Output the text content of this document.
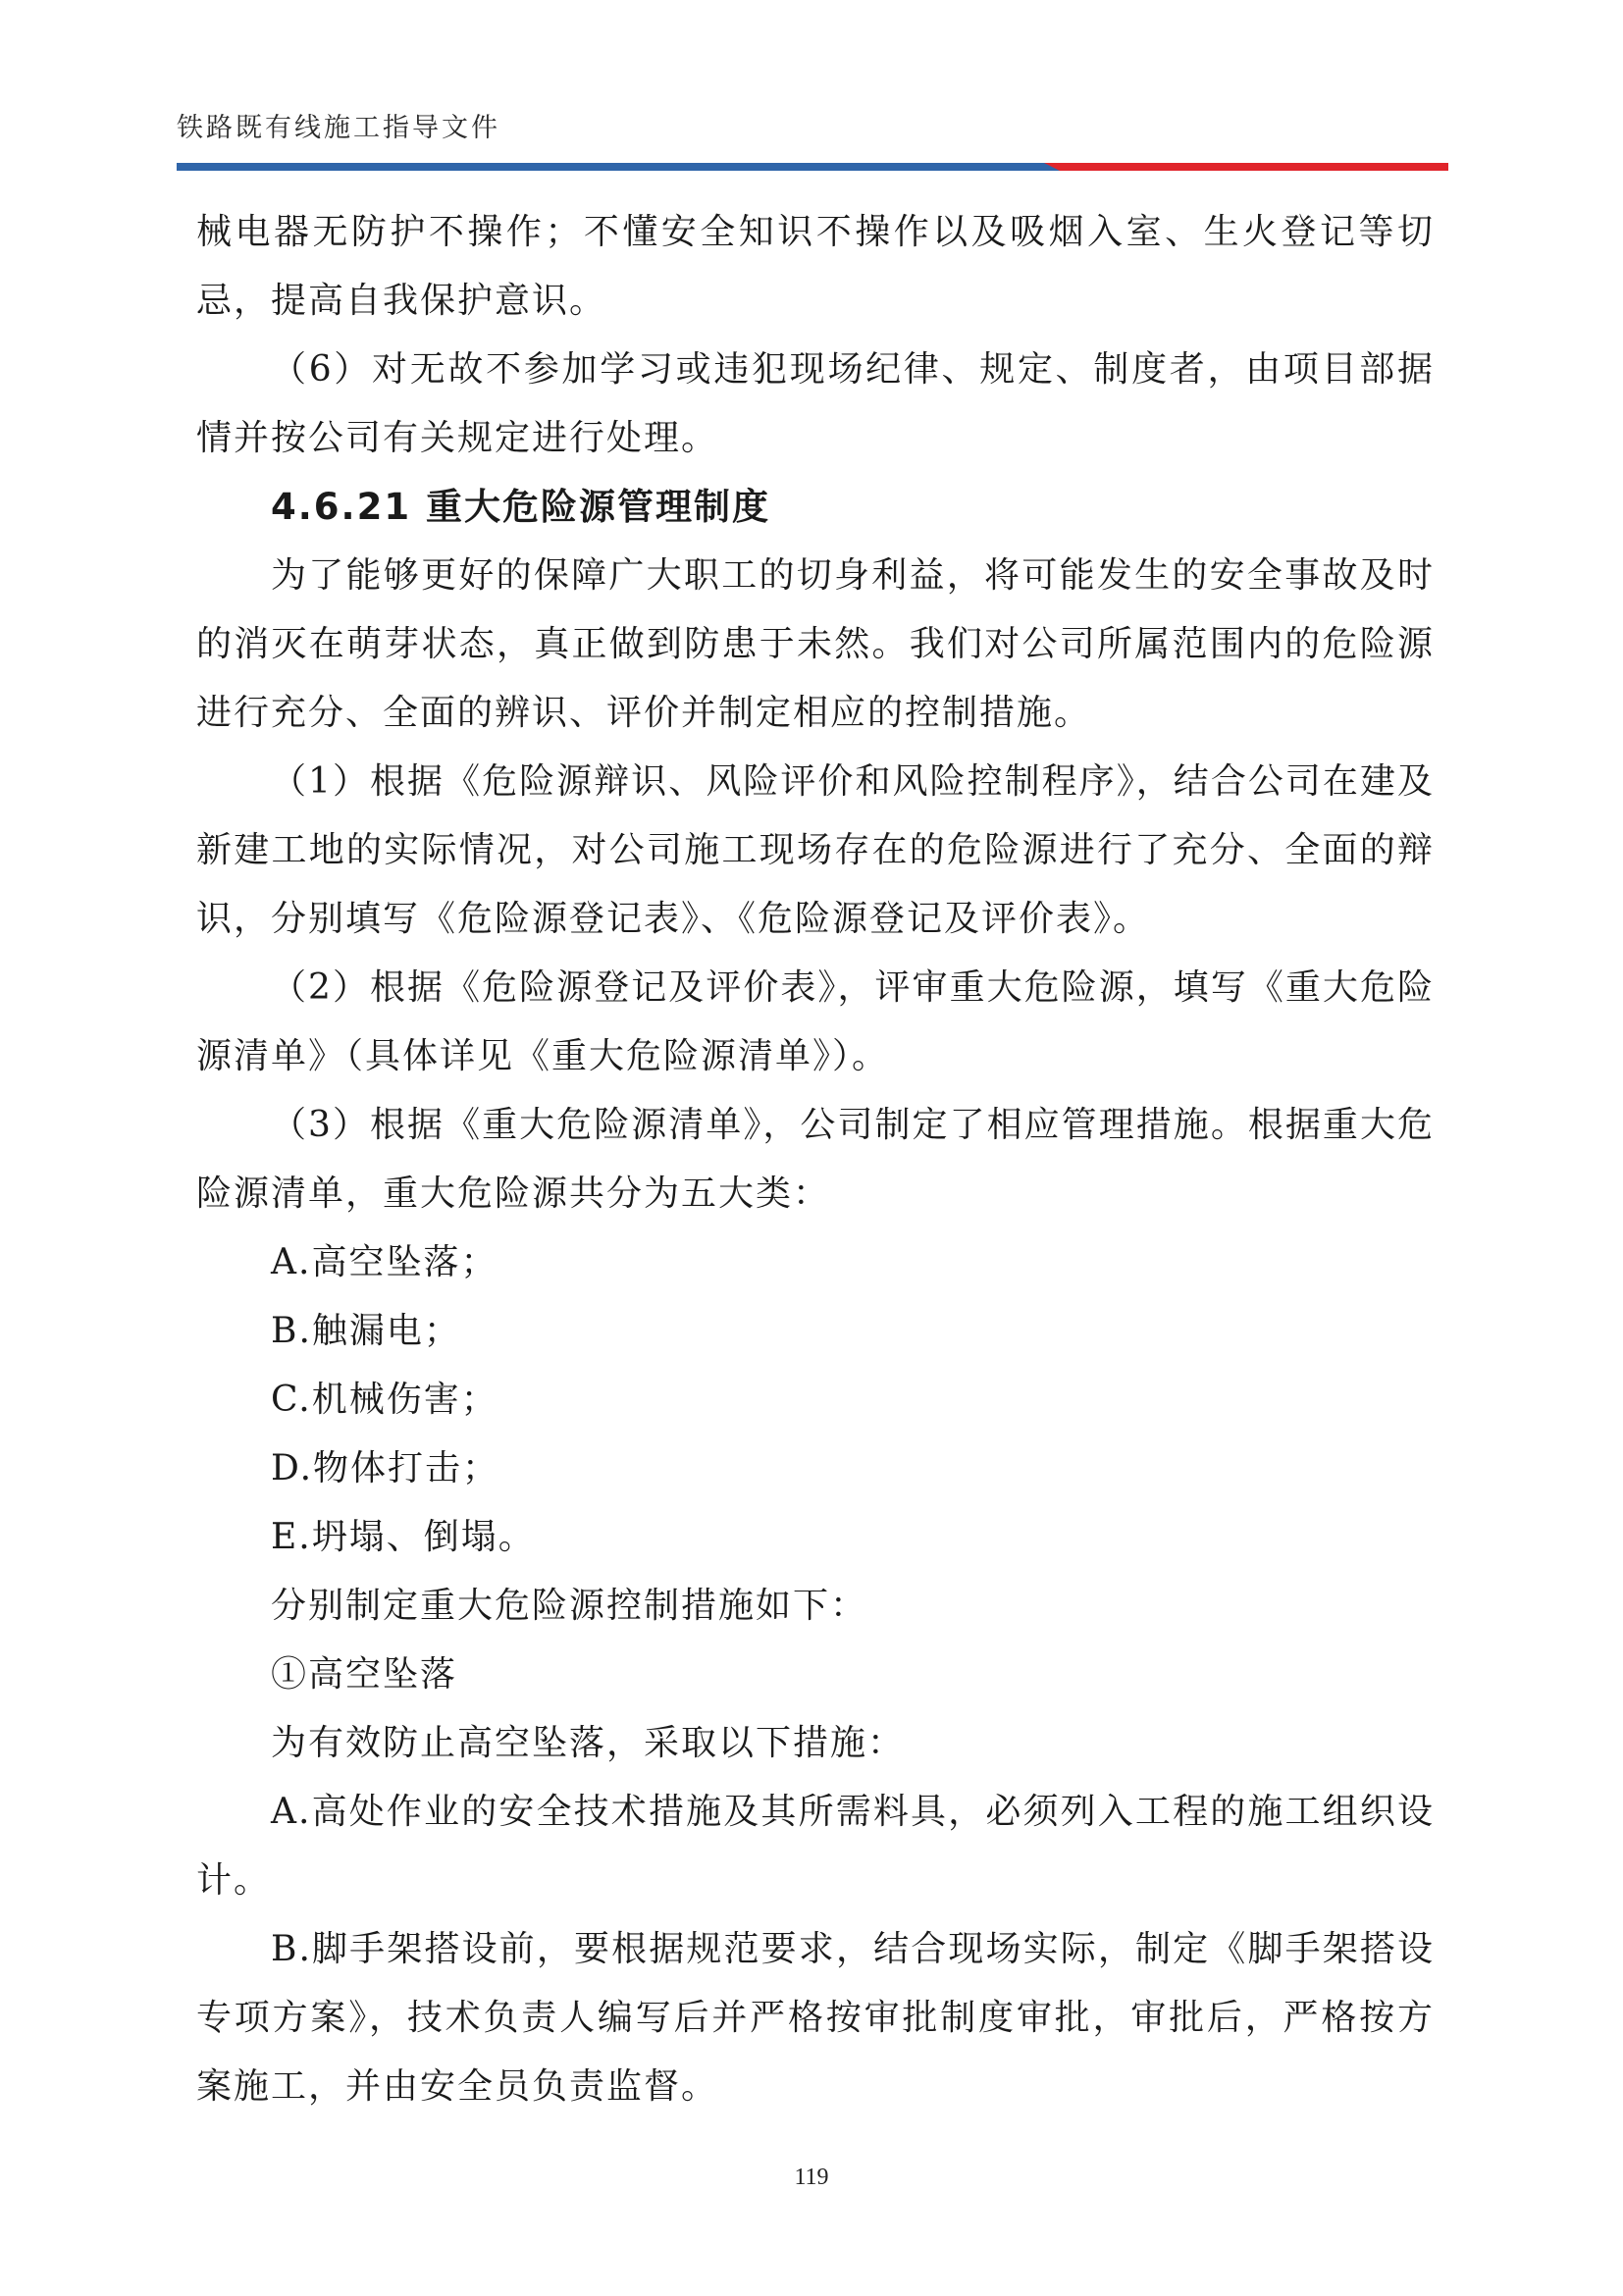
铁路既有线施工指导文件

械电器无防护不操作；不懂安全知识不操作以及吸烟入室、生火登记等切忌，提高自我保护意识。

（6）对无故不参加学习或违犯现场纪律、规定、制度者，由项目部据情并按公司有关规定进行处理。

4.6.21 重大危险源管理制度

为了能够更好的保障广大职工的切身利益，将可能发生的安全事故及时的消灭在萌芽状态，真正做到防患于未然。我们对公司所属范围内的危险源进行充分、全面的辨识、评价并制定相应的控制措施。

（1）根据《危险源辩识、风险评价和风险控制程序》，结合公司在建及新建工地的实际情况，对公司施工现场存在的危险源进行了充分、全面的辩识，分别填写《危险源登记表》、《危险源登记及评价表》。

（2）根据《危险源登记及评价表》，评审重大危险源，填写《重大危险源清单》（具体详见《重大危险源清单》）。

（3）根据《重大危险源清单》，公司制定了相应管理措施。根据重大危险源清单，重大危险源共分为五大类：

A.高空坠落；

B.触漏电；

C.机械伤害；

D.物体打击；

E.坍塌、倒塌。

分别制定重大危险源控制措施如下：

①高空坠落

为有效防止高空坠落，采取以下措施：

A.高处作业的安全技术措施及其所需料具，必须列入工程的施工组织设计。

B.脚手架搭设前，要根据规范要求，结合现场实际，制定《脚手架搭设专项方案》，技术负责人编写后并严格按审批制度审批，审批后，严格按方案施工，并由安全员负责监督。

119
